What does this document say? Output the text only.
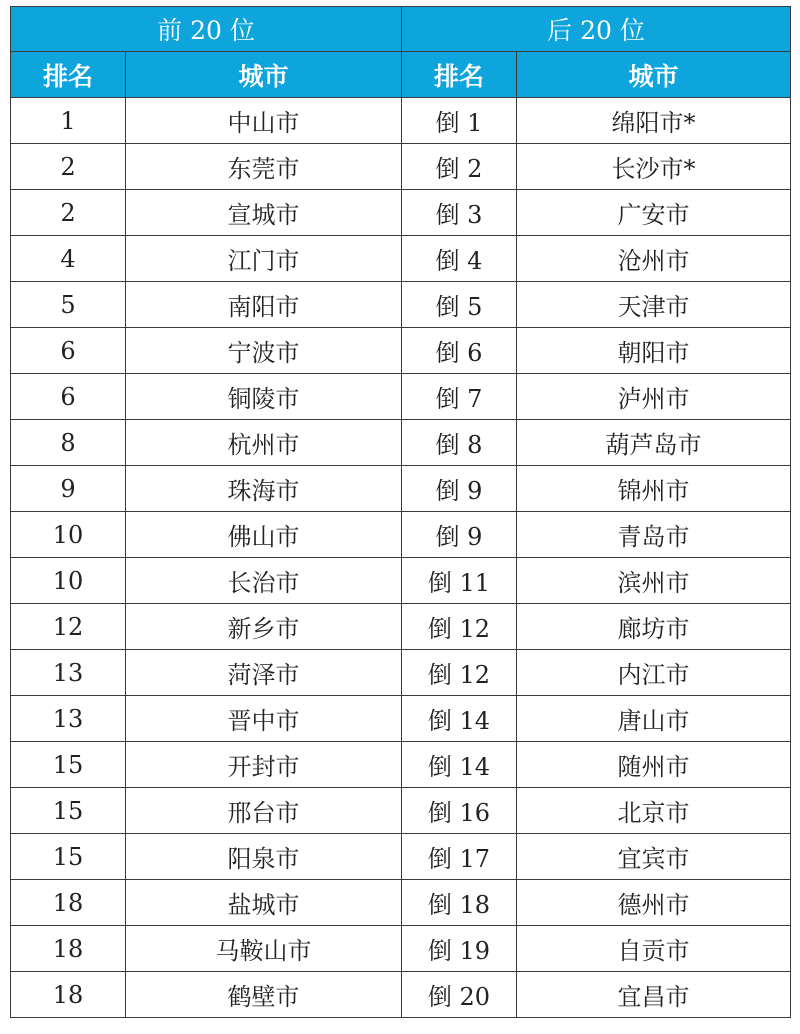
前 20 位		后 20 位	
排名	城市	排名	城市
1	中山市	倒 1	绵阳市*
2	东莞市	倒 2	长沙市*
2	宣城市	倒 3	广安市
4	江门市	倒 4	沧州市
5	南阳市	倒 5	天津市
6	宁波市	倒 6	朝阳市
6	铜陵市	倒 7	泸州市
8	杭州市	倒 8	葫芦岛市
9	珠海市	倒 9	锦州市
10	佛山市	倒 9	青岛市
10	长治市	倒 11	滨州市
12	新乡市	倒 12	廊坊市
13	菏泽市	倒 12	内江市
13	晋中市	倒 14	唐山市
15	开封市	倒 14	随州市
15	邢台市	倒 16	北京市
15	阳泉市	倒 17	宜宾市
18	盐城市	倒 18	德州市
18	马鞍山市	倒 19	自贡市
18	鹤壁市	倒 20	宜昌市
